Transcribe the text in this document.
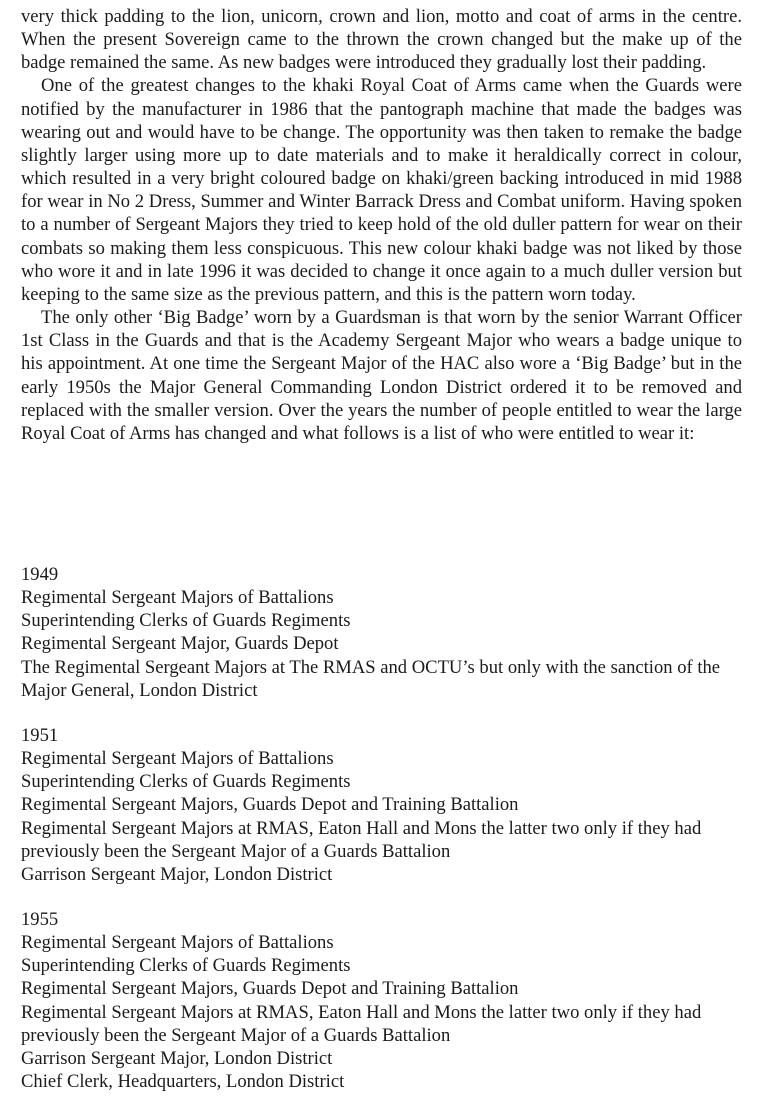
very thick padding to the lion, unicorn, crown and lion, motto and coat of arms in the centre. When the present Sovereign came to the thrown the crown changed but the make up of the badge remained the same. As new badges were introduced they gradually lost their padding.

One of the greatest changes to the khaki Royal Coat of Arms came when the Guards were notified by the manufacturer in 1986 that the pantograph machine that made the badges was wearing out and would have to be change. The opportunity was then taken to remake the badge slightly larger using more up to date materials and to make it heraldically correct in colour, which resulted in a very bright coloured badge on khaki/green backing introduced in mid 1988 for wear in No 2 Dress, Summer and Winter Barrack Dress and Combat uniform. Having spoken to a number of Sergeant Majors they tried to keep hold of the old duller pattern for wear on their combats so making them less conspicuous. This new colour khaki badge was not liked by those who wore it and in late 1996 it was decided to change it once again to a much duller version but keeping to the same size as the previous pattern, and this is the pattern worn today.

The only other ‘Big Badge’ worn by a Guardsman is that worn by the senior Warrant Officer 1st Class in the Guards and that is the Academy Sergeant Major who wears a badge unique to his appointment. At one time the Sergeant Major of the HAC also wore a ‘Big Badge’ but in the early 1950s the Major General Commanding London District ordered it to be removed and replaced with the smaller version. Over the years the number of people entitled to wear the large Royal Coat of Arms has changed and what follows is a list of who were entitled to wear it:

1949
Regimental Sergeant Majors of Battalions
Superintending Clerks of Guards Regiments
Regimental Sergeant Major, Guards Depot
The Regimental Sergeant Majors at The RMAS and OCTU’s but only with the sanction of the Major General, London District
1951
Regimental Sergeant Majors of Battalions
Superintending Clerks of Guards Regiments
Regimental Sergeant Majors, Guards Depot and Training Battalion
Regimental Sergeant Majors at RMAS, Eaton Hall and Mons the latter two only if they had previously been the Sergeant Major of a Guards Battalion
Garrison Sergeant Major, London District
1955
Regimental Sergeant Majors of Battalions
Superintending Clerks of Guards Regiments
Regimental Sergeant Majors, Guards Depot and Training Battalion
Regimental Sergeant Majors at RMAS, Eaton Hall and Mons the latter two only if they had previously been the Sergeant Major of a Guards Battalion
Garrison Sergeant Major, London District
Chief Clerk, Headquarters, London District
